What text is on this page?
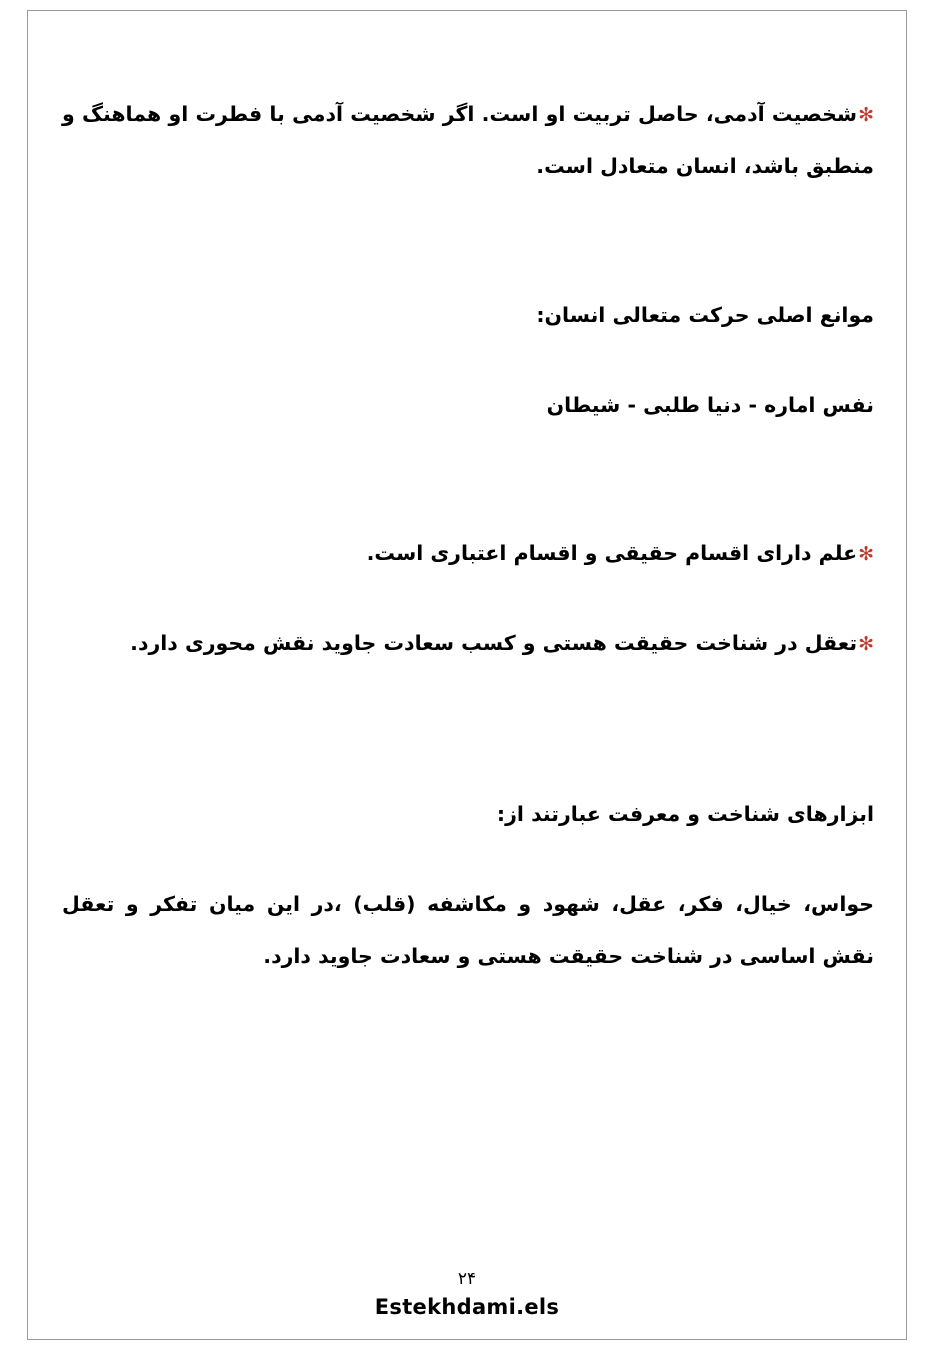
✻شخصیت آدمی، حاصل تربیت او است. اگر شخصیت آدمی با فطرت او هماهنگ و منطبق باشد، انسان متعادل است.

موانع اصلی حرکت متعالی انسان:

نفس اماره - دنیا طلبی - شیطان

✻علم دارای اقسام حقیقی و اقسام اعتباری است.

✻تعقل در شناخت حقیقت هستی و کسب سعادت جاوید نقش محوری دارد.

ابزارهای شناخت و معرفت عبارتند از:

حواس، خیال، فکر، عقل، شهود و مکاشفه (قلب) ،در این میان تفکر و تعقل نقش اساسی در شناخت حقیقت هستی و سعادت جاوید دارد.

۲۴
Estekhdami.els
